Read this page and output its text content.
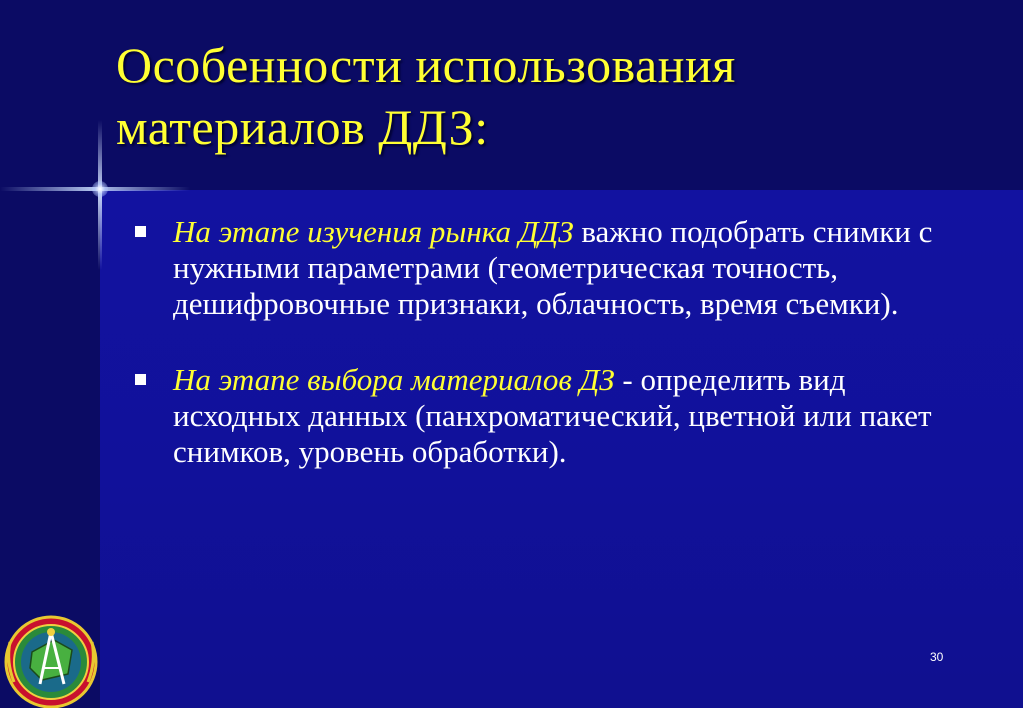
Особенности использования материалов ДДЗ:
На этапе изучения рынка ДДЗ важно подобрать снимки с нужными параметрами (геометрическая точность, дешифровочные признаки, облачность, время съемки).
На этапе выбора материалов ДЗ - определить вид исходных данных (панхроматический, цветной или пакет снимков, уровень обработки).
30
